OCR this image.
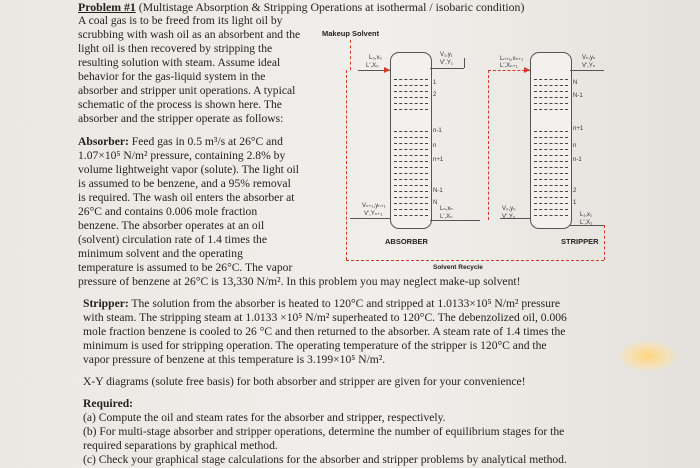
Problem #1 (Multistage Absorption & Stripping Operations at isothermal / isobaric condition)
A coal gas is to be freed from its light oil by
scrubbing with wash oil as an absorbent and the
light oil is then recovered by stripping the
resulting solution with steam. Assume ideal
behavior for the gas-liquid system in the
absorber and stripper unit operations. A typical
schematic of the process is shown here. The
absorber and the stripper operate as follows:
Absorber: Feed gas in 0.5 m³/s at 26°C and
1.07×10⁵ N/m² pressure, containing 2.8% by
volume lightweight vapor (solute). The light oil
is assumed to be benzene, and a 95% removal
is required. The wash oil enters the absorber at
26°C and contains 0.006 mole fraction
benzene. The absorber operates at an oil
(solvent) circulation rate of 1.4 times the
minimum solvent and the operating
temperature is assumed to be 26°C. The vapor
pressure of benzene at 26°C is 13,330 N/m². In this problem you may neglect make-up solvent!
Stripper: The solution from the absorber is heated to 120°C and stripped at 1.0133×10⁵ N/m² pressure
with steam. The stripping steam at 1.0133 ×10⁵ N/m² superheated to 120°C. The debenzolized oil, 0.006
mole fraction benzene is cooled to 26 °C and then returned to the absorber. A steam rate of 1.4 times the
minimum is used for stripping operation. The operating temperature of the stripper is 120°C and the
vapor pressure of benzene at this temperature is 3.199×10⁵ N/m².
X-Y diagrams (solute free basis) for both absorber and stripper are given for your convenience!
Required:
(a) Compute the oil and steam rates for the absorber and stripper, respectively.
(b) For multi-stage absorber and stripper operations, determine the number of equilibrium stages for the
required separations by graphical method.
(c) Check your graphical stage calculations for the absorber and stripper problems by analytical method.
Makeup Solvent
1
2
n-1
n
n+1
N-1
N
N
N-1
n+1
n
n-1
2
1
L₀,x₀
L',X₀
V₁,y₁
V',Y₁
Vₙ₊₁,yₙ₊₁
V',Yₙ₊₁
Lₙ,xₙ
L',Xₙ
Lₙ₊₁,xₙ₊₁
L',Xₙ₊₁
Vₙ,yₙ
V',Yₙ
V₀,y₀
V',Y₀	L₁,x₁
L',X₁
ABSORBER	STRIPPER
Solvent Recycle
